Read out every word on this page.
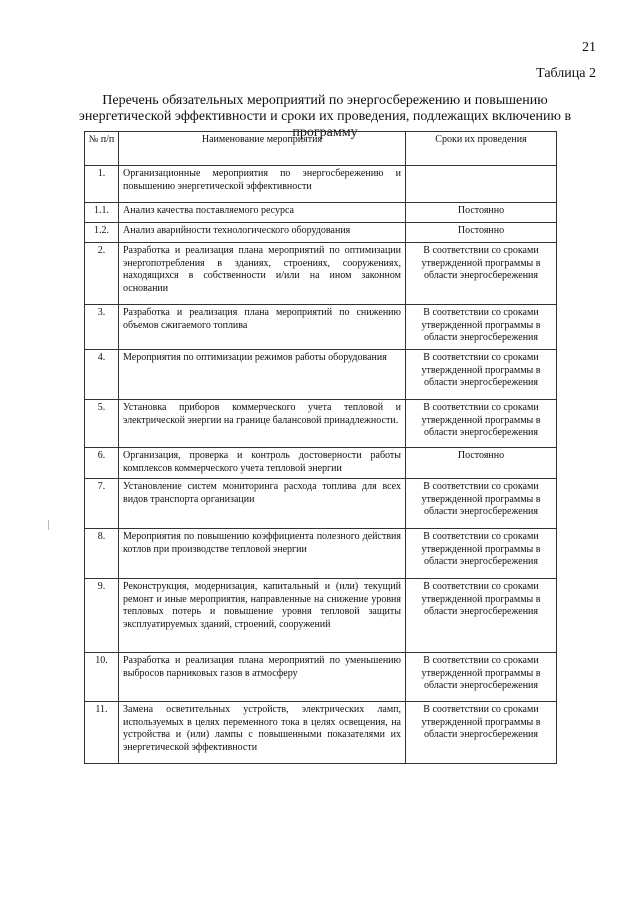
21
Таблица 2
Перечень обязательных мероприятий по энергосбережению и повышению энергетической эффективности и сроки их проведения, подлежащих включению в программу
№ п/п	Наименование мероприятия	Сроки их проведения
1.	Организационные мероприятия по энергосбережению и повышению энергетической эффективности	
1.1.	Анализ качества поставляемого ресурса	Постоянно
1.2.	Анализ аварийности технологического оборудования	Постоянно
2.	Разработка и реализация плана мероприятий по оптимизации энергопотребления в зданиях, строениях, сооружениях, находящихся в собственности и/или на ином законном основании	В соответствии со сроками утвержденной программы в области энергосбережения
3.	Разработка и реализация плана мероприятий по снижению объемов сжигаемого топлива	В соответствии со сроками утвержденной программы в области энергосбережения
4.	Мероприятия по оптимизации режимов работы оборудования	В соответствии со сроками утвержденной программы в области энергосбережения
5.	Установка приборов коммерческого учета тепловой и электрической энергии на границе балансовой принадлежности.	В соответствии со сроками утвержденной программы в области энергосбережения
6.	Организация, проверка и контроль достоверности работы комплексов коммерческого учета тепловой энергии	Постоянно
7.	Установление систем мониторинга расхода топлива для всех видов транспорта организации	В соответствии со сроками утвержденной программы в области энергосбережения
8.	Мероприятия по повышению коэффициента полезного действия котлов при производстве тепловой энергии	В соответствии со сроками утвержденной программы в области энергосбережения
9.	Реконструкция, модернизация, капитальный и (или) текущий ремонт и иные мероприятия, направленные на снижение уровня тепловых потерь и повышение уровня тепловой защиты эксплуатируемых зданий, строений, сооружений	В соответствии со сроками утвержденной программы в области энергосбережения
10.	Разработка и реализация плана мероприятий по уменьшению выбросов парниковых газов в атмосферу	В соответствии со сроками утвержденной программы в области энергосбережения
11.	Замена осветительных устройств, электрических ламп, используемых в целях переменного тока в целях освещения, на устройства и (или) лампы с повышенными показателями их энергетической эффективности	В соответствии со сроками утвержденной программы в области энергосбережения
